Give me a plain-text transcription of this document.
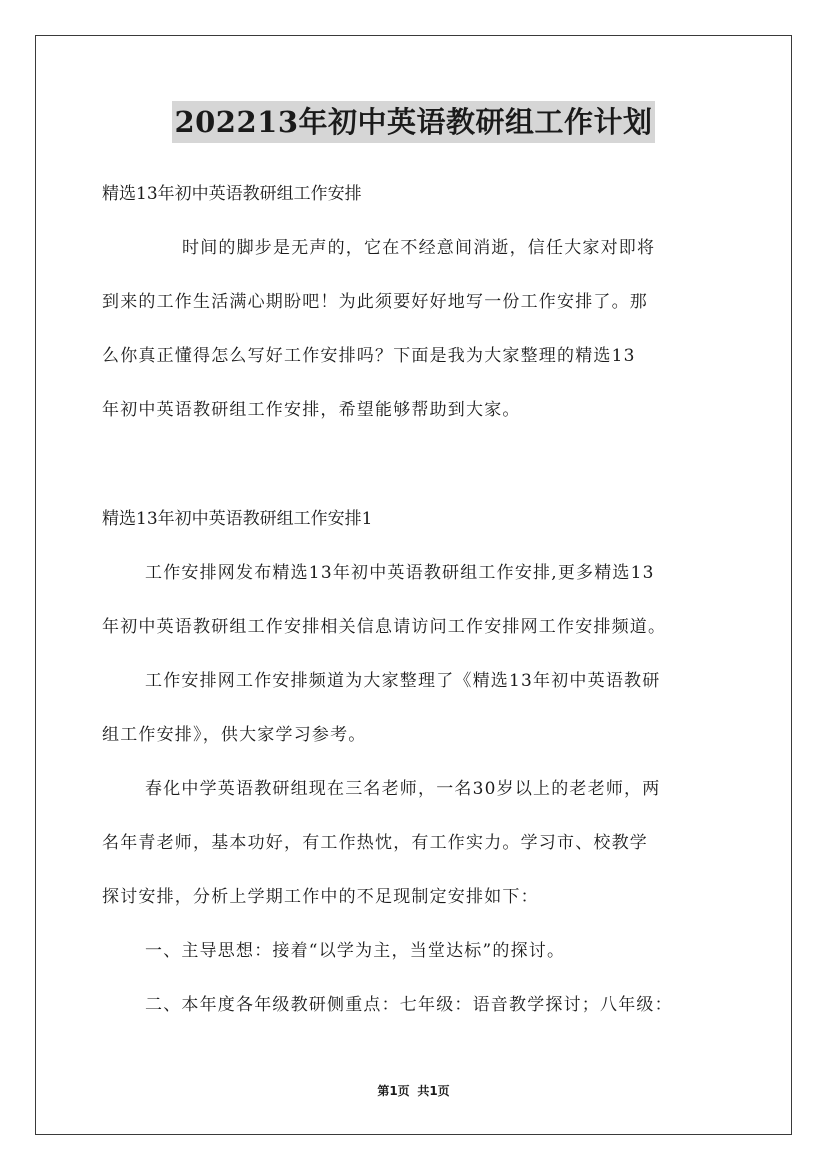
202213年初中英语教研组工作计划
精选13年初中英语教研组工作安排
时间的脚步是无声的，它在不经意间消逝，信任大家对即将
到来的工作生活满心期盼吧！为此须要好好地写一份工作安排了。那
么你真正懂得怎么写好工作安排吗？下面是我为大家整理的精选13
年初中英语教研组工作安排，希望能够帮助到大家。
精选13年初中英语教研组工作安排1
工作安排网发布精选13年初中英语教研组工作安排,更多精选13
年初中英语教研组工作安排相关信息请访问工作安排网工作安排频道。
工作安排网工作安排频道为大家整理了《精选13年初中英语教研
组工作安排》，供大家学习参考。
春化中学英语教研组现在三名老师，一名30岁以上的老老师，两
名年青老师，基本功好，有工作热忱，有工作实力。学习市、校教学
探讨安排，分析上学期工作中的不足现制定安排如下：
一、主导思想：接着“以学为主，当堂达标”的探讨。
二、本年度各年级教研侧重点：七年级：语音教学探讨；八年级：
第1页 共1页
